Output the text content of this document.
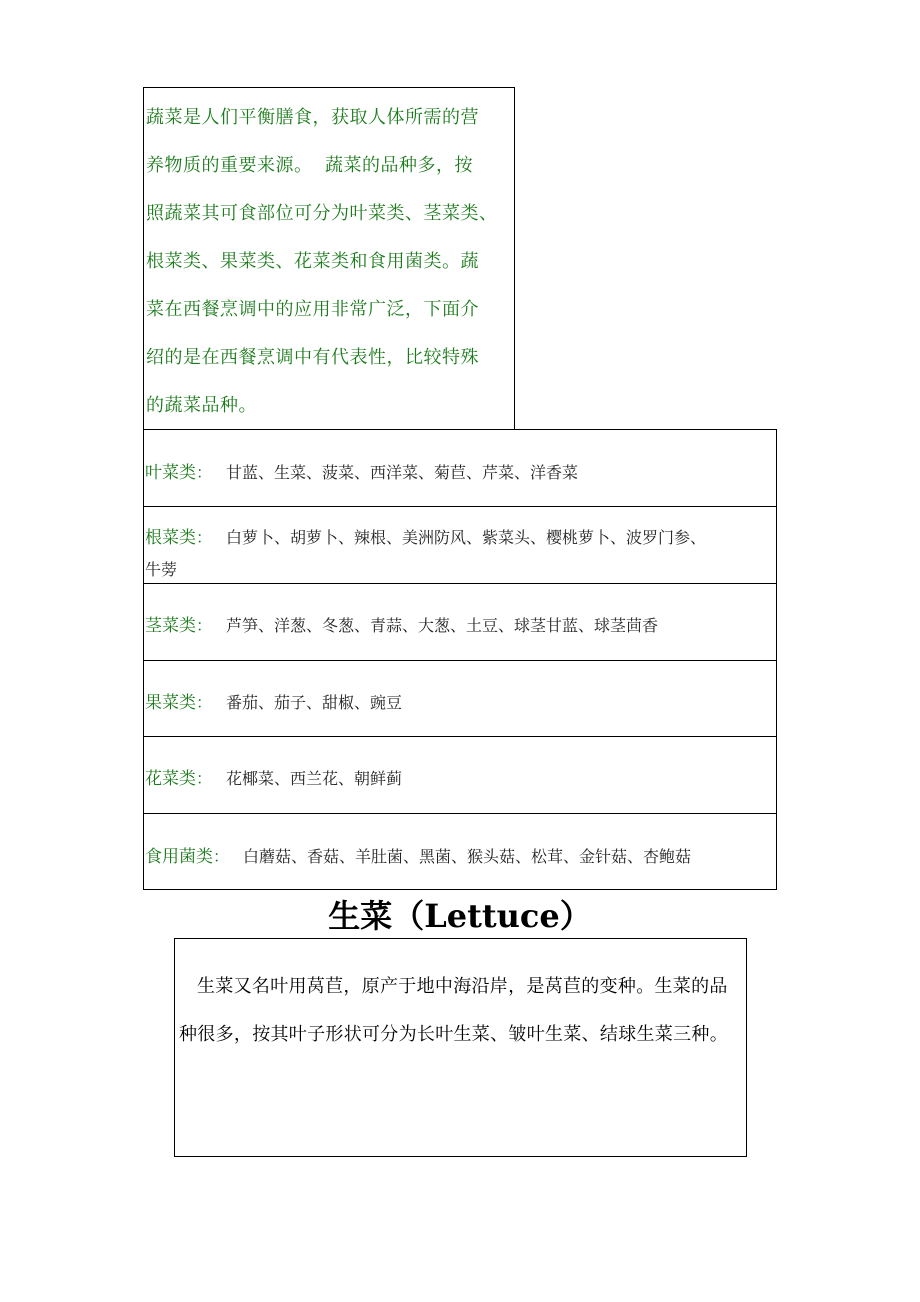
蔬菜是人们平衡膳食，获取人体所需的营
养物质的重要来源。  蔬菜的品种多，按
照蔬菜其可食部位可分为叶菜类、茎菜类、
根菜类、果菜类、花菜类和食用菌类。蔬
菜在西餐烹调中的应用非常广泛，下面介
绍的是在西餐烹调中有代表性，比较特殊
的蔬菜品种。

叶菜类： 甘蓝、生菜、菠菜、西洋菜、菊苣、芹菜、洋香菜
根菜类： 白萝卜、胡萝卜、辣根、美洲防风、紫菜头、樱桃萝卜、波罗门参、
牛蒡
茎菜类： 芦笋、洋葱、冬葱、青蒜、大葱、土豆、球茎甘蓝、球茎茴香
果菜类： 番茄、茄子、甜椒、豌豆
花菜类： 花椰菜、西兰花、朝鲜蓟
食用菌类： 白蘑菇、香菇、羊肚菌、黑菌、猴头菇、松茸、金针菇、杏鲍菇
生菜（Lettuce）

生菜又名叶用莴苣，原产于地中海沿岸，是莴苣的变种。生菜的品种很多，按其叶子形状可分为长叶生菜、皱叶生菜、结球生菜三种。
